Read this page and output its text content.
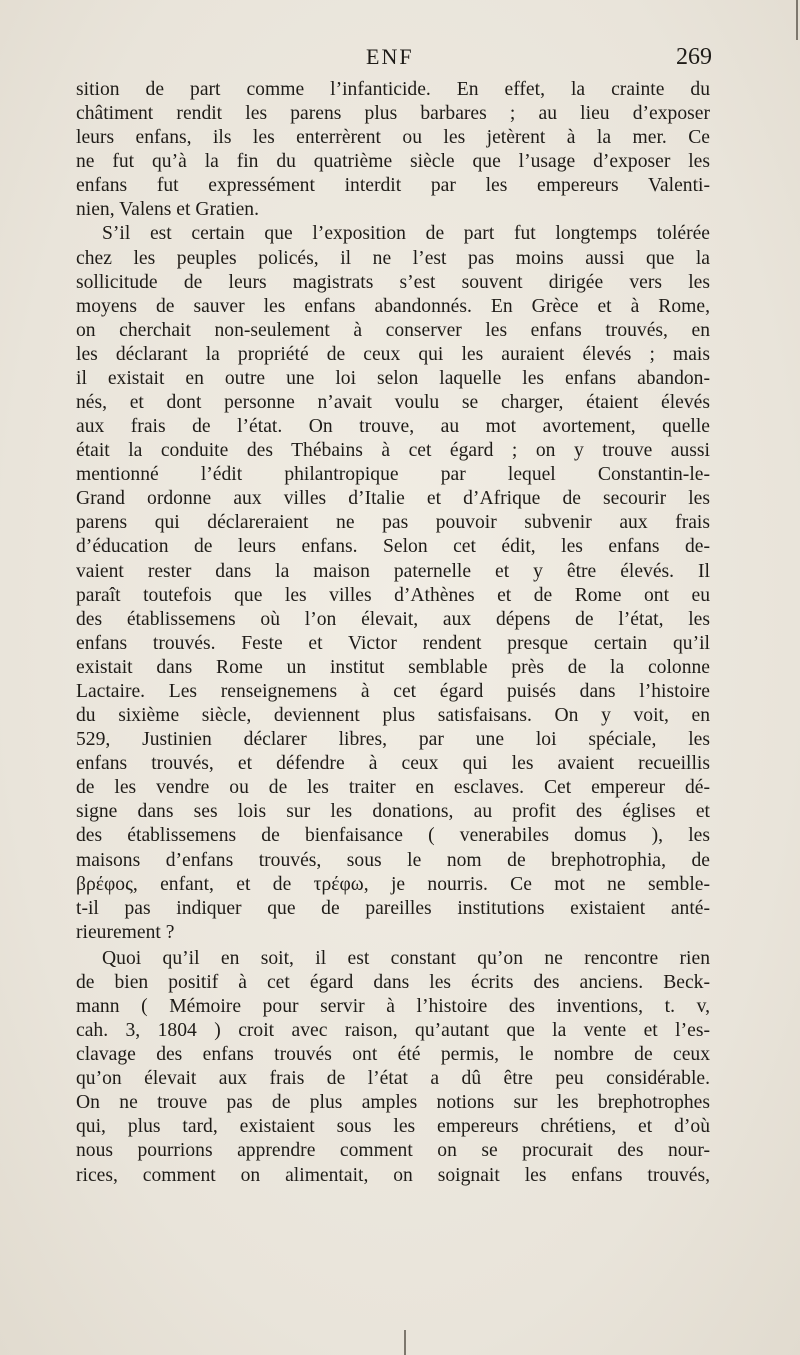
ENF	269
sition de part comme l’infanticide. En effet, la crainte du
châtiment rendit les parens plus barbares ; au lieu d’exposer
leurs enfans, ils les enterrèrent ou les jetèrent à la mer. Ce
ne fut qu’à la fin du quatrième siècle que l’usage d’exposer les
enfans fut expressément interdit par les empereurs Valenti-
nien, Valens et Gratien.
S’il est certain que l’exposition de part fut longtemps tolérée
chez les peuples policés, il ne l’est pas moins aussi que la
sollicitude de leurs magistrats s’est souvent dirigée vers les
moyens de sauver les enfans abandonnés. En Grèce et à Rome,
on cherchait non-seulement à conserver les enfans trouvés, en
les déclarant la propriété de ceux qui les auraient élevés ; mais
il existait en outre une loi selon laquelle les enfans abandon-
nés, et dont personne n’avait voulu se charger, étaient élevés
aux frais de l’état. On trouve, au mot avortement, quelle
était la conduite des Thébains à cet égard ; on y trouve aussi
mentionné l’édit philantropique par lequel Constantin-le-
Grand ordonne aux villes d’Italie et d’Afrique de secourir les
parens qui déclareraient ne pas pouvoir subvenir aux frais
d’éducation de leurs enfans. Selon cet édit, les enfans de-
vaient rester dans la maison paternelle et y être élevés. Il
paraît toutefois que les villes d’Athènes et de Rome ont eu
des établissemens où l’on élevait, aux dépens de l’état, les
enfans trouvés. Feste et Victor rendent presque certain qu’il
existait dans Rome un institut semblable près de la colonne
Lactaire. Les renseignemens à cet égard puisés dans l’histoire
du sixième siècle, deviennent plus satisfaisans. On y voit, en
529, Justinien déclarer libres, par une loi spéciale, les
enfans trouvés, et défendre à ceux qui les avaient recueillis
de les vendre ou de les traiter en esclaves. Cet empereur dé-
signe dans ses lois sur les donations, au profit des églises et
des établissemens de bienfaisance ( venerabiles domus ), les
maisons d’enfans trouvés, sous le nom de brephotrophia, de
βρέφος, enfant, et de τρέφω, je nourris. Ce mot ne semble-
t-il pas indiquer que de pareilles institutions existaient anté-
rieurement ?
Quoi qu’il en soit, il est constant qu’on ne rencontre rien
de bien positif à cet égard dans les écrits des anciens. Beck-
mann ( Mémoire pour servir à l’histoire des inventions, t. v,
cah. 3, 1804 ) croit avec raison, qu’autant que la vente et l’es-
clavage des enfans trouvés ont été permis, le nombre de ceux
qu’on élevait aux frais de l’état a dû être peu considérable.
On ne trouve pas de plus amples notions sur les brephotrophes
qui, plus tard, existaient sous les empereurs chrétiens, et d’où
nous pourrions apprendre comment on se procurait des nour-
rices, comment on alimentait, on soignait les enfans trouvés,
